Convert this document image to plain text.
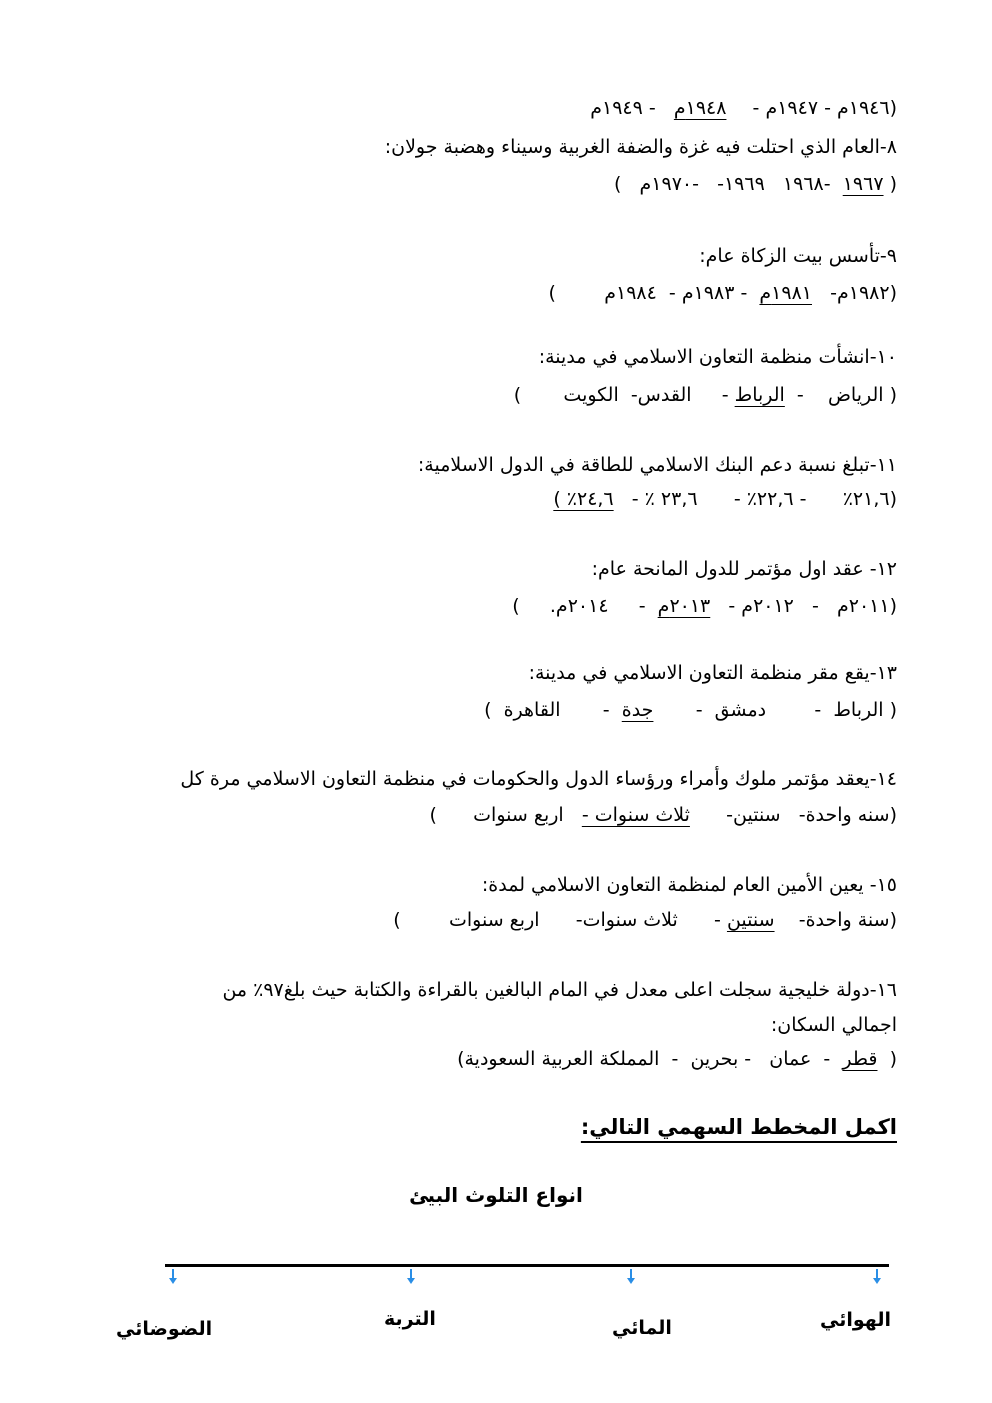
(١٩٤٦م - ١٩٤٧م -  ١٩٤٨م   - ١٩٤٩م
٨-العام الذي احتلت فيه غزة والضفة الغربية وسيناء وهضبة جولان:
( ١٩٦٧  -١٩٦٨   ١٩٦٩-   -١٩٧٠م   )
٩-تأسس بيت الزكاة عام:
(١٩٨٢م-   ١٩٨١م  - ١٩٨٣م -  ١٩٨٤م        )
١٠-انشأت منظمة التعاون الاسلامي في مدينة:
( الرياض    -  الرباط -     القدس-  الكويت       )
١١-تبلغ نسبة دعم البنك الاسلامي للطاقة في الدول الاسلامية:
(٢١,٦٪      - ٢٢,٦٪ -      ٢٣,٦ ٪ -   ٢٤,٦٪ )
١٢- عقد اول مؤتمر للدول المانحة عام:
(٢٠١١م   -   ٢٠١٢م -   ٢٠١٣م  -     ٢٠١٤م.     )
١٣-يقع مقر منظمة التعاون الاسلامي في مدينة:
( الرباط  -        دمشق  -       جدة  -       القاهرة  )
١٤-يعقد مؤتمر ملوك وأمراء ورؤساء الدول والحكومات في منظمة التعاون الاسلامي مرة كل
(سنه واحدة-   سنتين-      ثلاث سنوات -   اربع سنوات      )
١٥- يعين الأمين العام لمنظمة التعاون الاسلامي لمدة:
(سنة واحدة-    سنتين -      ثلاث سنوات-      اربع سنوات        )
١٦-دولة خليجية سجلت اعلى معدل في المام البالغين بالقراءة والكتابة حيث بلغ٩٧٪ من
اجمالي السكان:
(  قطر  -  عمان   - بحرين  -  المملكة العربية السعودية)
اكمل المخطط السهمي التالي:
انواع التلوث البيئ
الهوائي
المائي
التربة
الضوضائي
